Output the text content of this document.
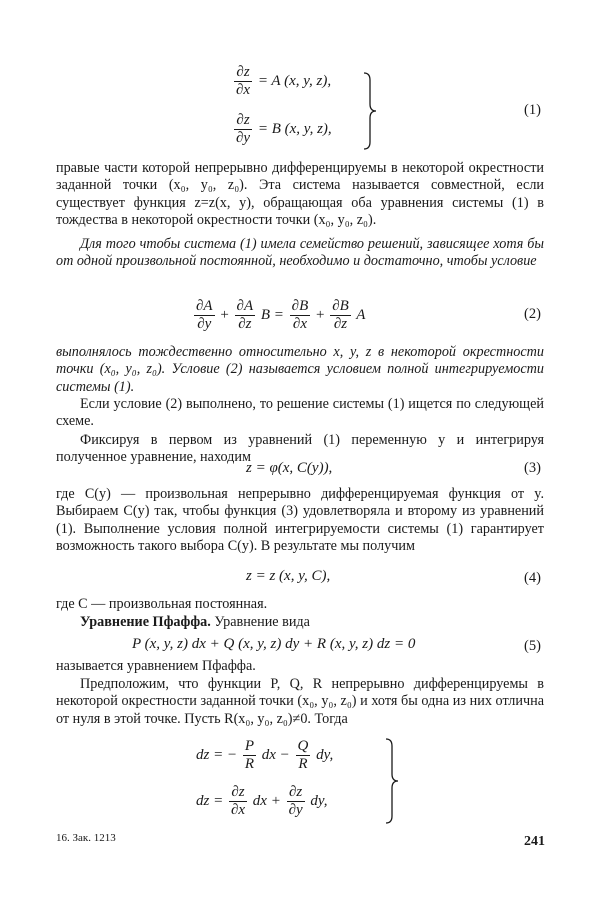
$\frac{\partial z}{\partial x} = A$ (x, y, z),
$\frac{\partial z}{\partial y} = B$ (x, y, z),
(1)

правые части которой непрерывно дифференцируемы в некоторой окрестности заданной точки (x₀, y₀, z₀). Эта система называется совместной, если существует функция z=z(x, y), обращающая оба уравнения системы (1) в тождества в некоторой окрестности точки (x₀, y₀, z₀).

Для того чтобы система (1) имела семейство решений, зависящее хотя бы от одной произвольной постоянной, необходимо и достаточно, чтобы условие

$\frac{\partial A}{\partial y} + \frac{\partial A}{\partial z}$ $B = \frac{\partial B}{\partial x} + \frac{\partial B}{\partial z}$ A	(2)

выполнялось тождественно относительно x, y, z в некоторой окрестности точки (x₀, y₀, z₀). Условие (2) называется условием полной интегрируемости системы (1).

Если условие (2) выполнено, то решение системы (1) ищется по следующей схеме.

Фиксируя в первом из уравнений (1) переменную y и интегрируя полученное уравнение, находим

z = φ(x, C(y)),	(3)

где C(y) — произвольная непрерывно дифференцируемая функция от y. Выбираем C(y) так, чтобы функция (3) удовлетворяла и второму из уравнений (1). Выполнение условия полной интегрируемости системы (1) гарантирует возможность такого выбора C(y). В результате мы получим

z = z (x, y, C),	(4)

где C — произвольная постоянная.

Уравнение Пфаффа. Уравнение вида

P (x, y, z) dx + Q (x, y, z) dy + R (x, y, z) dz = 0	(5)

называется уравнением Пфаффа.

Предположим, что функции P, Q, R непрерывно дифференцируемы в некоторой окрестности заданной точки (x₀, y₀, z₀) и хотя бы одна из них отлична от нуля в этой точке. Пусть R(x₀, y₀, z₀)≠0. Тогда

dz = − $\frac{P}{R}$ dx − $\frac{Q}{R}$ dy,
dz = $\frac{\partial z}{\partial x}$ dx + $\frac{\partial z}{\partial y}$ dy,
16. Зак. 1213	241
